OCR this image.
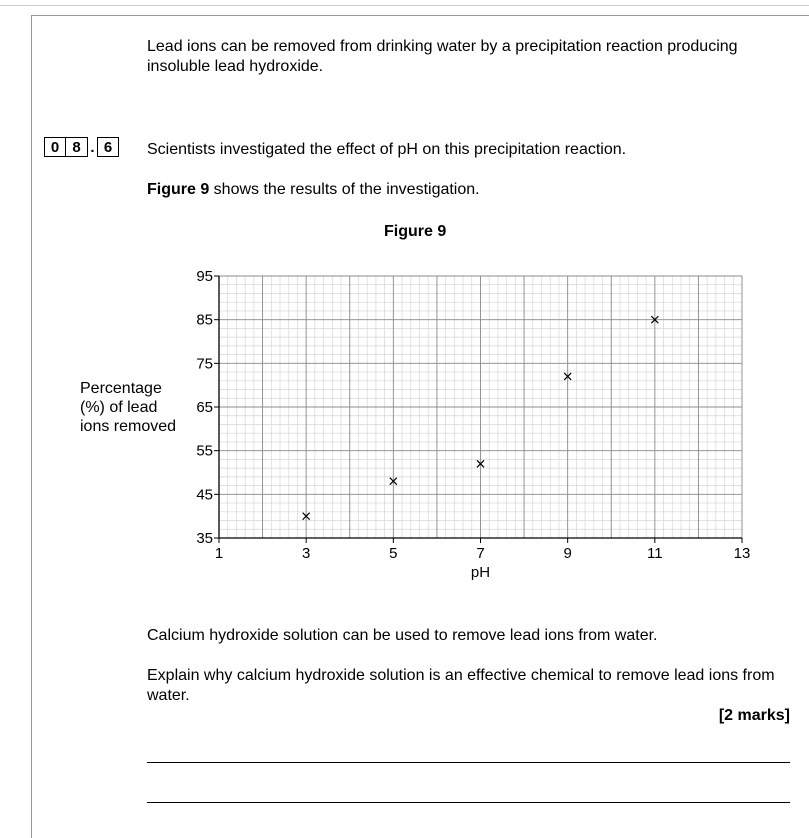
Lead ions can be removed from drinking water by a precipitation reaction producing insoluble lead hydroxide.
0 8 . 6	Scientists investigated the effect of pH on this precipitation reaction.
Figure 9 shows the results of the investigation.
Figure 9
Percentage
(%) of lead
ions removed
35
45
55
65
75
85
95
1	3	5	7	9	11	13
pH
Calcium hydroxide solution can be used to remove lead ions from water.
Explain why calcium hydroxide solution is an effective chemical to remove lead ions from water.
[2 marks]
